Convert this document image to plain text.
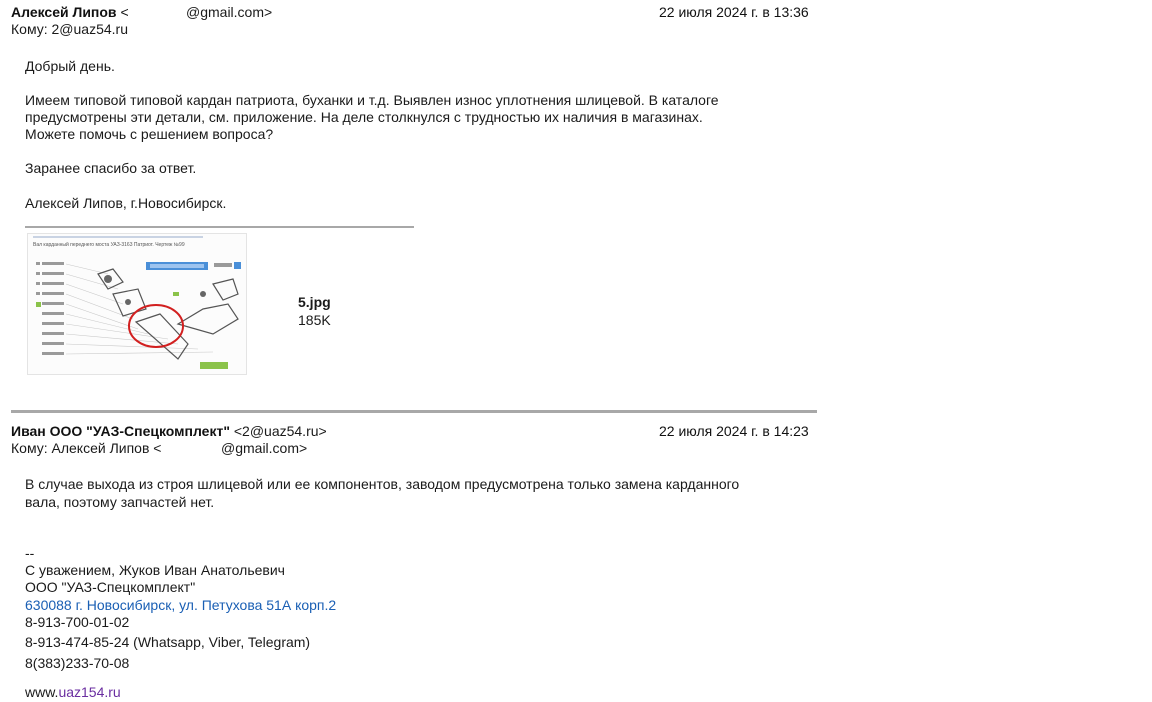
Алексей Липов <	@gmail.com>	22 июля 2024 г. в 13:36
Кому: 2@uaz54.ru
Добрый день.
Имеем типовой типовой кардан патриота, буханки и т.д. Выявлен износ уплотнения шлицевой. В каталоге
предусмотрены эти детали, см. приложение. На деле столкнулся с трудностью их наличия в магазинах.
Можете помочь с решением вопроса?
Заранее спасибо за ответ.
Алексей Липов, г.Новосибирск.
Вал карданный переднего моста УАЗ-3163 Патриот. Чертеж №99
5.jpg
185K
Иван ООО "УАЗ-Спецкомплект" <2@uaz54.ru>	22 июля 2024 г. в 14:23
Кому: Алексей Липов <	@gmail.com>
В случае выхода из строя шлицевой или ее компонентов, заводом предусмотрена только замена карданного
вала, поэтому запчастей нет.
--
С уважением, Жуков Иван Анатольевич
ООО "УАЗ-Спецкомплект"
630088 г. Новосибирск, ул. Петухова 51А корп.2
8-913-700-01-02
8-913-474-85-24 (Whatsapp, Viber, Telegram)
8(383)233-70-08
www.uaz154.ru
